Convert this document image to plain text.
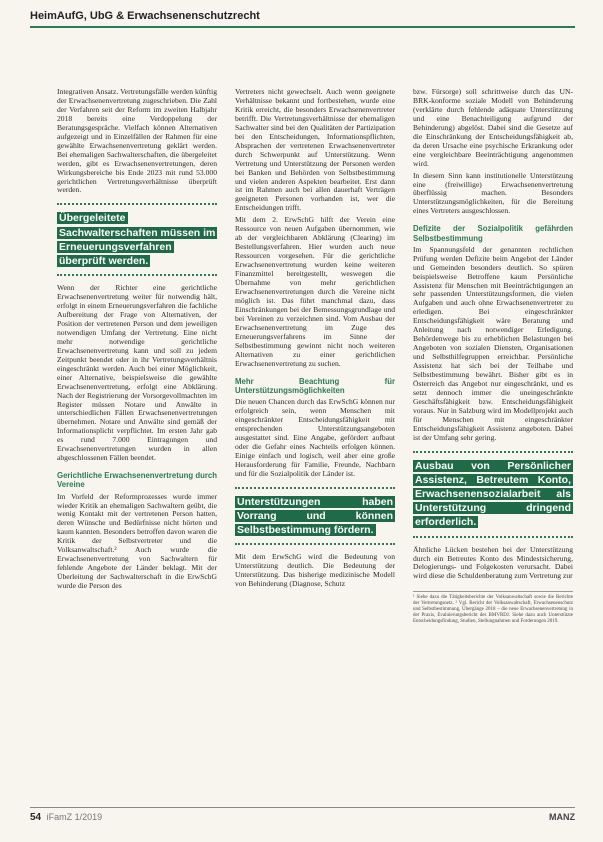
HeimAufG, UbG & Erwachsenenschutzrecht

Integrativen Ansatz. Vertretungsfälle werden künftig der Erwachsenenvertretung zugeschrieben. Die Zahl der Verfahren seit der Reform im zweiten Halbjahr 2018 bereits eine Verdoppelung der Beratungsgespräche. Vielfach können Alternativen aufgezeigt und in Einzelfällen der Rahmen für eine gewählte Erwachsenenvertretung geklärt werden. Bei ehemaligen Sachwalterschaften, die übergeleitet werden, gibt es Erwachsenenvertretungen, deren Wirkungsbereiche bis Ende 2023 mit rund 53.000 gerichtlichen Vertretungsverhältnisse überprüft werden.

Übergeleitete Sachwalterschaften müssen im Erneuerungsverfahren überprüft werden.

Wenn der Richter eine gerichtliche Erwachsenenvertretung weiter für notwendig hält, erfolgt in einem Erneuerungsverfahren die fachliche Aufbereitung der Frage von Alternativen, der Position der vertretenen Person und dem jeweiligen notwendigen Umfang der Vertretung. Eine nicht mehr notwendige gerichtliche Erwachsenenvertretung kann und soll zu jedem Zeitpunkt beendet oder in ihr Vertretungsverhältnis eingeschränkt werden. Auch bei einer Möglichkeit, einer Alternative, beispielsweise die gewählte Erwachsenenvertretung, erfolgt eine Abklärung. Nach der Registrierung der Vorsorgevollmachten im Register müssen Notare und Anwälte in unterschiedlichen Fällen Erwachsenenvertretungen übernehmen. Notare und Anwälte sind gemäß der Informationsplicht verpflichtet. Im ersten Jahr gab es rund 7.000 Eintragungen und Erwachsenenvertretungen wurden in allen abgeschlossenen Fällen beendet.

Gerichtliche Erwachsenenvertretung durch Vereine

Im Vorfeld der Reformprozesses wurde immer wieder Kritik an ehemaligen Sachwaltern geübt, die wenig Kontakt mit der vertretenen Person hatten, deren Wünsche und Bedürfnisse nicht hörten und kaum kannten. Besonders betroffen davon waren die Kritik der Selbstvertreter und die Volksanwaltschaft.² Auch wurde die Erwachsenenvertretung von Sachwaltern für fehlende Angebote der Länder beklagt. Mit der Überleitung der Sachwalterschaft in die ErwSchG wurde die Person des

Vertreters nicht gewechselt. Auch wenn geeignete Verhältnisse bekannt und fortbestehen, wurde eine Kritik erreicht, die besonders Erwachsenenvertreter betrifft. Die Vertretungsverhältnisse der ehemaligen Sachwalter sind bei den Qualitäten der Partizipation bei den Entscheidungen, Informationspflichten, Absprachen der vertretenen Erwachsenenvertreter durch Schwerpunkt auf Unterstützung. Wenn Vertretung und Unterstützung der Personen werden bei Banken und Behörden von Selbstbestimmung und vielen anderen Aspekten bearbeitet. Erst dann ist im Rahmen auch bei allen dauerhaft Verträgen geeigneten Personen vorhanden ist, wer die Entscheidungen trifft.

Mit dem 2. ErwSchG hilft der Verein eine Ressource von neuen Aufgaben übernommen, wie ab der vergleichbaren Abklärung (Clearing) im Bestellungsverfahren. Hier wurden auch neue Ressourcen vorgesehen. Für die gerichtliche Erwachsenenvertretung wurden keine weiteren Finanzmittel bereitgestellt, weswegen die Übernahme von mehr gerichtlichen Erwachsenenvertretungen durch die Vereine nicht möglich ist. Das führt manchmal dazu, dass Einschränkungen bei der Bemessungsgrundlage und bei Vereinen zu verzeichnen sind. Vom Ausbau der Erwachsenenvertretung im Zuge des Erneuerungsverfahrens im Sinne der Selbstbestimmung gewinnt nicht noch weiteren Alternativen zu einer gerichtlichen Erwachsenenvertretung zu suchen.

Mehr Beachtung für Unterstützungsmöglichkeiten

Die neuen Chancen durch das ErwSchG können nur erfolgreich sein, wenn Menschen mit eingeschränkter Entscheidungsfähigkeit mit entsprechenden Unterstützungsangeboten ausgestattet sind. Eine Angabe, gefördert aufbaut oder die Gefahr eines Nachteils erfolgen können. Einige einfach und logisch, weil aber eine große Herausforderung für Familie, Freunde, Nachbarn und für die Sozialpolitik der Länder ist.

Unterstützungen haben Vorrang und können Selbstbestimmung fördern.

Mit dem ErwSchG wird die Bedeutung von Unterstützung deutlich. Die Bedeutung der Unterstützung. Das bisherige medizinische Modell von Behinderung (Diagnose, Schutz

bzw. Fürsorge) soll schrittweise durch das UN-BRK-konforme soziale Modell von Behinderung (verklärte durch fehlende adäquate Unterstützung und eine Benachteiligung aufgrund der Behinderung) abgelöst. Dabei sind die Gesetze auf die Einschränkung der Entscheidungsfähigkeit ab, da deren Ursache eine psychische Erkrankung oder eine vergleichbare Beeinträchtigung angenommen wird.

In diesem Sinn kann institutionelle Unterstützung eine (freiwillige) Erwachsenenvertretung überflüssig machen. Besonders Unterstützungsmöglichkeiten, für die Bereitung eines Vertreters ausgeschlossen.

Defizite der Sozialpolitik gefährden Selbstbestimmung

Im Spannungsfeld der genannten rechtlichen Prüfung werden Defizite beim Angebot der Länder und Gemeinden besonders deutlich. So spüren beispielsweise Betroffene kaum Persönliche Assistenz für Menschen mit Beeinträchtigungen an sehr passenden Unterstützungsformen, die vielen Aufgaben und auch ohne Erwachsenenvertreter zu erledigen. Bei eingeschränkter Entscheidungsfähigkeit wäre Beratung und Anleitung nach notwendiger Erledigung. Behördenwege bis zu erheblichen Belastungen bei Angeboten von sozialen Diensten, Organisationen und Selbsthilfegruppen erreichbar. Persönliche Assistenz hat sich bei der Teilhabe und Selbstbestimmung bewährt. Bisher gibt es in Österreich das Angebot nur eingeschränkt, und es setzt dennoch immer die uneingeschränkte Geschäftsfähigkeit bzw. Entscheidungsfähigkeit voraus. Nur in Salzburg wird im Modellprojekt auch für Menschen mit eingeschränkter Entscheidungsfähigkeit Assistenz angeboten. Dabei ist der Umfang sehr gering.

Ausbau von Persönlicher Assistenz, Betreutem Konto, Erwachsenensozialarbeit als Unterstützung dringend erforderlich.

Ähnliche Lücken bestehen bei der Unterstützung durch ein Betreutes Konto des Mindestsicherung, Delogierungs- und Folgekosten verursacht. Dabei wird diese die Schuldenberatung zum Vertretung zur

¹ Siehe dazu die Tätigkeitsberichte der Volksanwaltschaft sowie die Berichte der Vertretungsnetz. ² Vgl. Bericht der Volksanwaltschaft, Erwachsenenschutz und Selbstbestimmung, Übergänge 2018 – die neue Erwachsenenvertretung in der Praxis, Evaluierungsbericht des BMVRDJ. Siehe dazu auch Unterstützte Entscheidungsfindung, Studien, Stellungnahmen und Forderungen 2019.
54 iFamZ 1/2019	MANZ
